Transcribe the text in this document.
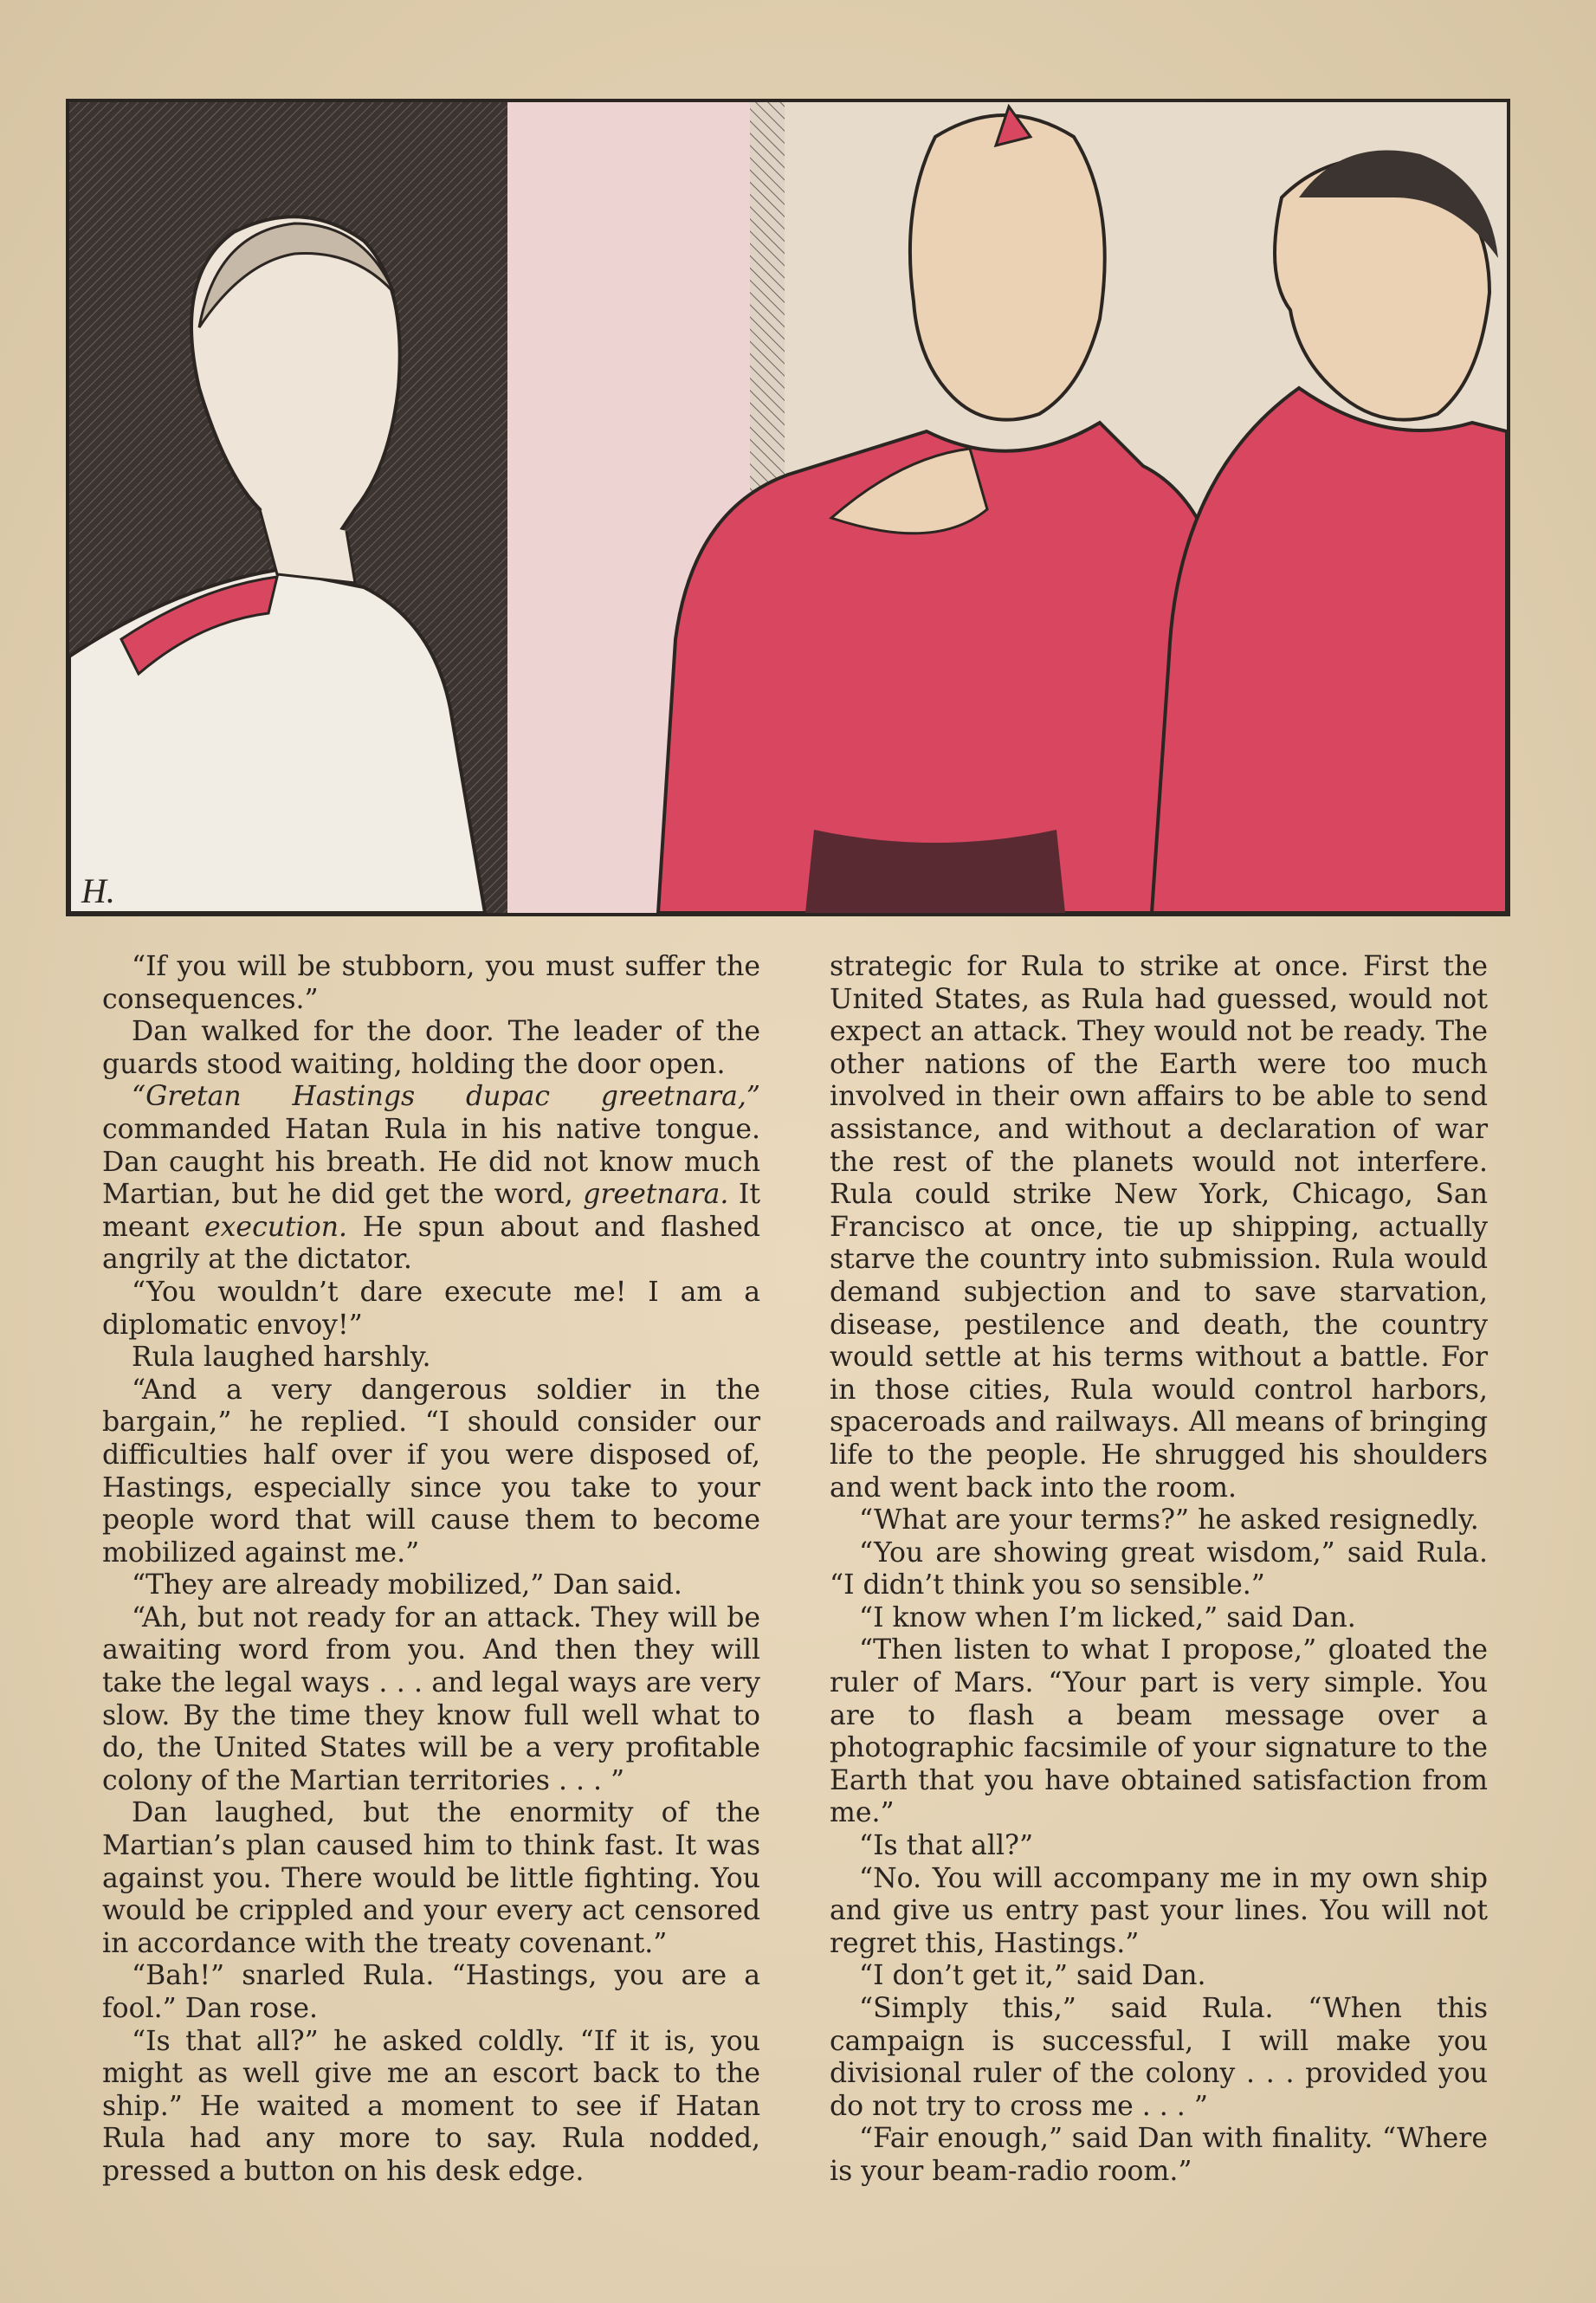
H.

“If you will be stubborn, you must suffer the consequences.”

Dan walked for the door. The leader of the guards stood waiting, holding the door open.

“Gretan Hastings dupac greetnara,” commanded Hatan Rula in his native tongue. Dan caught his breath. He did not know much Martian, but he did get the word, greetnara. It meant execution. He spun about and flashed angrily at the dictator.

“You wouldn’t dare execute me! I am a diplomatic envoy!”

Rula laughed harshly.

“And a very dangerous soldier in the bargain,” he replied. “I should consider our difficulties half over if you were disposed of, Hastings, especially since you take to your people word that will cause them to become mobilized against me.”

“They are already mobilized,” Dan said.

“Ah, but not ready for an attack. They will be awaiting word from you. And then they will take the legal ways . . . and legal ways are very slow. By the time they know full well what to do, the United States will be a very profitable colony of the Martian territories . . . ”

Dan laughed, but the enormity of the Martian’s plan caused him to think fast. It was against you. There would be little fighting. You would be crippled and your every act censored in accordance with the treaty covenant.”

“Bah!” snarled Rula. “Hastings, you are a fool.” Dan rose.

“Is that all?” he asked coldly. “If it is, you might as well give me an escort back to the ship.” He waited a moment to see if Hatan Rula had any more to say. Rula nodded, pressed a button on his desk edge.

strategic for Rula to strike at once. First the United States, as Rula had guessed, would not expect an attack. They would not be ready. The other nations of the Earth were too much involved in their own affairs to be able to send assistance, and without a declaration of war the rest of the planets would not interfere. Rula could strike New York, Chicago, San Francisco at once, tie up shipping, actually starve the country into submission. Rula would demand subjection and to save starvation, disease, pestilence and death, the country would settle at his terms without a battle. For in those cities, Rula would control harbors, spaceroads and railways. All means of bringing life to the people. He shrugged his shoulders and went back into the room.

“What are your terms?” he asked resignedly.

“You are showing great wisdom,” said Rula. “I didn’t think you so sensible.”

“I know when I’m licked,” said Dan.

“Then listen to what I propose,” gloated the ruler of Mars. “Your part is very simple. You are to flash a beam message over a photographic facsimile of your signature to the Earth that you have obtained satisfaction from me.”

“Is that all?”

“No. You will accompany me in my own ship and give us entry past your lines. You will not regret this, Hastings.”

“I don’t get it,” said Dan.

“Simply this,” said Rula. “When this campaign is successful, I will make you divisional ruler of the colony . . . provided you do not try to cross me . . . ”

“Fair enough,” said Dan with finality. “Where is your beam-radio room.”
